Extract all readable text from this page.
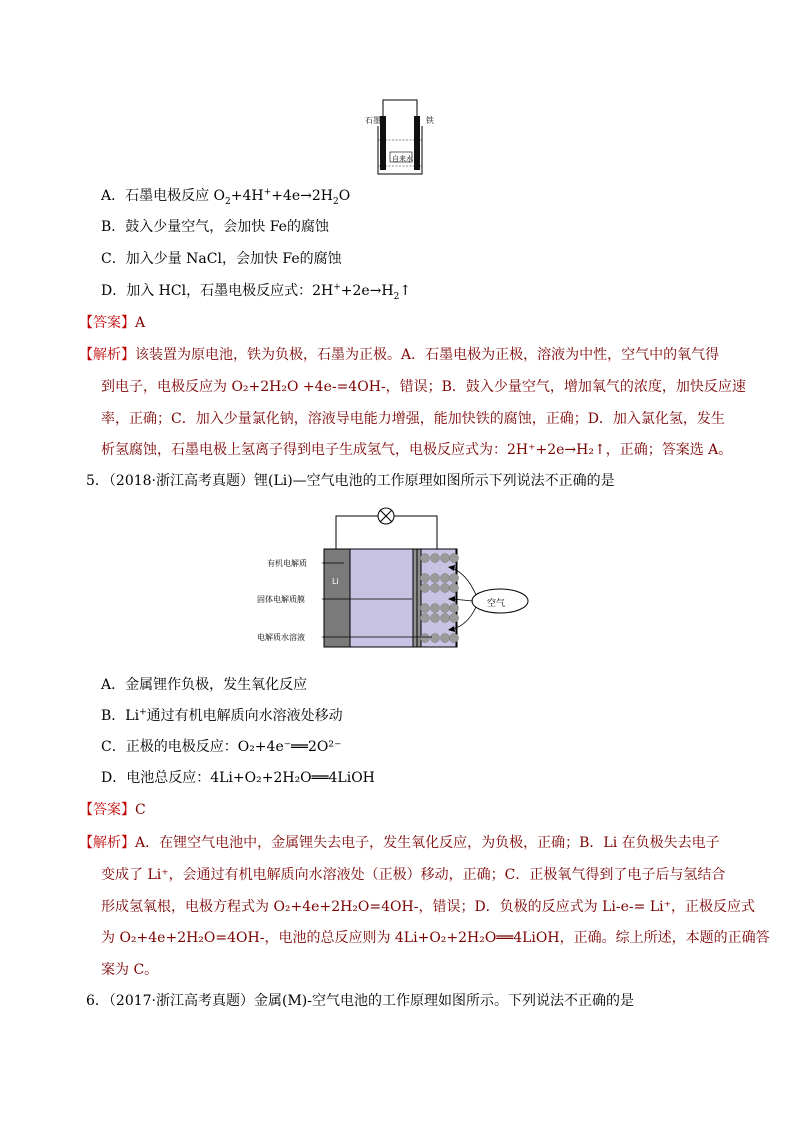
石墨	铁
自来水
A．石墨电极反应 $O_2+4H^++4e\to 2H_2O$
B．鼓入少量空气，会加快 Fe的腐蚀
C．加入少量 NaCl，会加快 Fe的腐蚀
D．加入 HCl，石墨电极反应式：$2H^++2e\to H_2↑$
【答案】A
【解析】该装置为原电池，铁为负极，石墨为正极。A．石墨电极为正极，溶液为中性，空气中的氧气得
到电子，电极反应为 O₂+2H₂O +4e-=4OH-，错误；B．鼓入少量空气，增加氧气的浓度，加快反应速
率，正确；C．加入少量氯化钠，溶液导电能力增强，能加快铁的腐蚀，正确；D．加入氯化氢，发生
析氢腐蚀，石墨电极上氢离子得到电子生成氢气，电极反应式为：2H⁺+2e→H₂↑，正确；答案选 A。
5．（2018·浙江高考真题）锂(Li)—空气电池的工作原理如图所示下列说法不正确的是
有机电解质
固体电解质膜
电解质水溶液
Li
空气
A．金属锂作负极，发生氧化反应
B．Li+通过有机电解质向水溶液处移动
C．正极的电极反应：O₂+4e⁻══2O²⁻
D．电池总反应：4Li+O₂+2H₂O══4LiOH
【答案】C
【解析】A．在锂空气电池中，金属锂失去电子，发生氧化反应，为负极，正确；B．Li 在负极失去电子
变成了 Li⁺，会通过有机电解质向水溶液处（正极）移动，正确；C．正极氧气得到了电子后与氢结合
形成氢氧根，电极方程式为 O₂+4e+2H₂O=4OH-，错误；D．负极的反应式为 Li-e-= Li⁺，正极反应式
为 O₂+4e+2H₂O=4OH-，电池的总反应则为 4Li+O₂+2H₂O══4LiOH，正确。综上所述，本题的正确答
案为 C。
6．（2017·浙江高考真题）金属(M)-空气电池的工作原理如图所示。下列说法不正确的是
